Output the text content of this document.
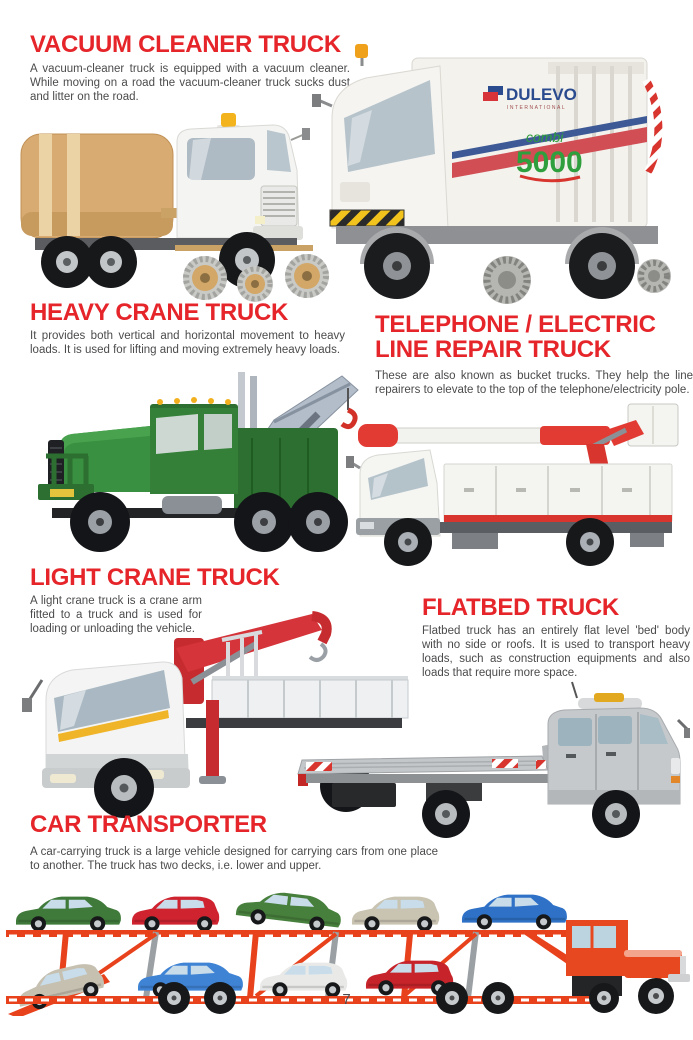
VACUUM CLEANER TRUCK

A vacuum-cleaner truck is equipped with a vacuum cleaner. While moving on a road the vacuum-cleaner truck sucks dust and litter on the road.	DULEVO
INTERNATIONAL
combi
5000
HEAVY CRANE TRUCK

It provides both vertical and horizontal movement to heavy loads. It is used for lifting and moving extremely heavy loads.

TELEPHONE / ELECTRIC LINE REPAIR TRUCK

These are also known as bucket trucks. They help the line repairers to elevate to the top of the telephone/electricity pole.

LIGHT CRANE TRUCK

A light crane truck is a crane arm fitted to a truck and is used for loading or unloading the vehicle.

FLATBED TRUCK

Flatbed truck has an entirely flat level 'bed' body with no side or roofs. It is used to transport heavy loads, such as construction equipments and also loads that require more space.

CAR TRANSPORTER

A car-carrying truck is a large vehicle designed for carrying cars from one place to another. The truck has two decks, i.e. lower and upper.

7
